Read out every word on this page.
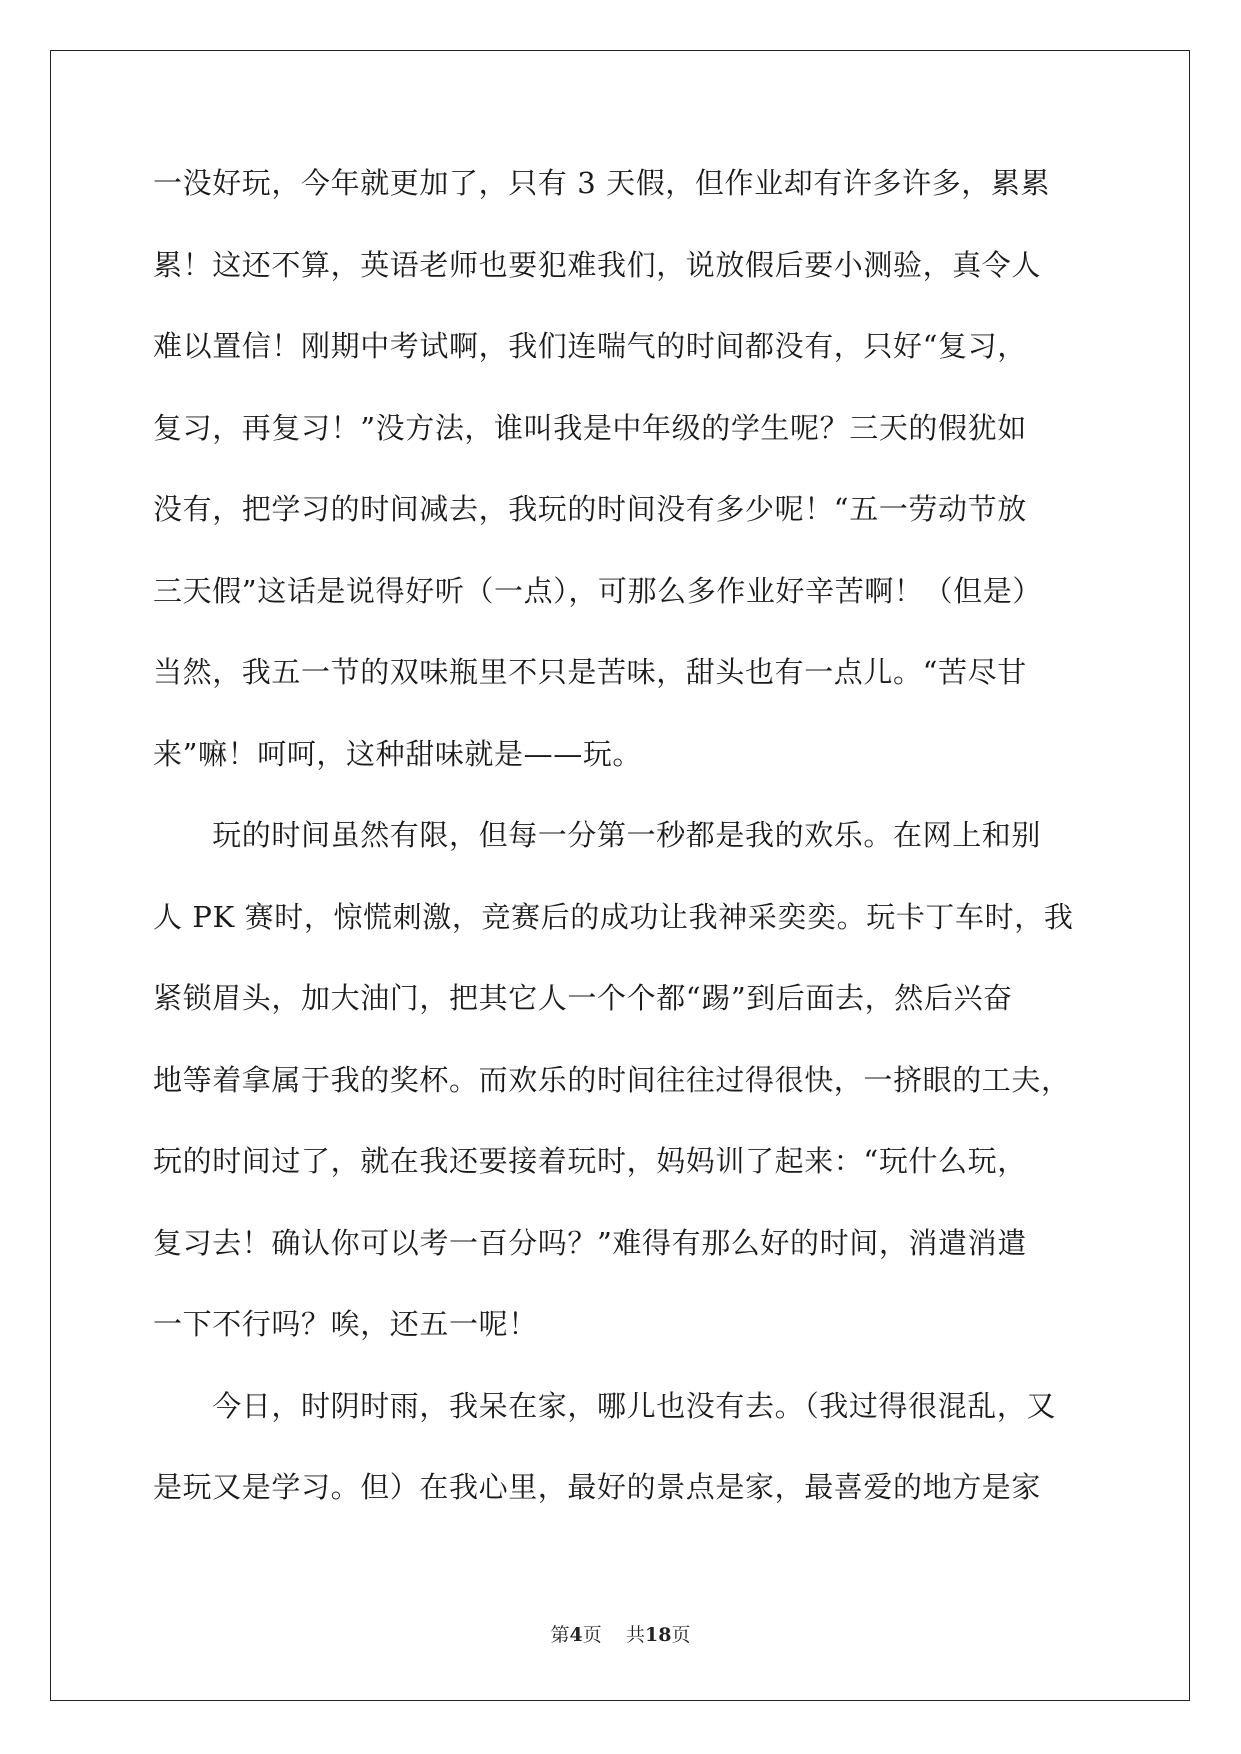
一没好玩，今年就更加了，只有 3 天假，但作业却有许多许多，累累
累！这还不算，英语老师也要犯难我们，说放假后要小测验，真令人
难以置信！刚期中考试啊，我们连喘气的时间都没有，只好“复习，
复习，再复习！”没方法，谁叫我是中年级的学生呢？三天的假犹如
没有，把学习的时间减去，我玩的时间没有多少呢！“五一劳动节放
三天假”这话是说得好听（一点），可那么多作业好辛苦啊！（但是）
当然，我五一节的双味瓶里不只是苦味，甜头也有一点儿。“苦尽甘
来”嘛！呵呵，这种甜味就是——玩。
　　玩的时间虽然有限，但每一分第一秒都是我的欢乐。在网上和别
人 PK 赛时，惊慌刺激，竞赛后的成功让我神采奕奕。玩卡丁车时，我
紧锁眉头，加大油门，把其它人一个个都“踢”到后面去，然后兴奋
地等着拿属于我的奖杯。而欢乐的时间往往过得很快，一挤眼的工夫，
玩的时间过了，就在我还要接着玩时，妈妈训了起来：“玩什么玩，
复习去！确认你可以考一百分吗？”难得有那么好的时间，消遣消遣
一下不行吗？唉，还五一呢！
　　今日，时阴时雨，我呆在家，哪儿也没有去。（我过得很混乱，又
是玩又是学习。但）在我心里，最好的景点是家，最喜爱的地方是家
第4页 共18页
